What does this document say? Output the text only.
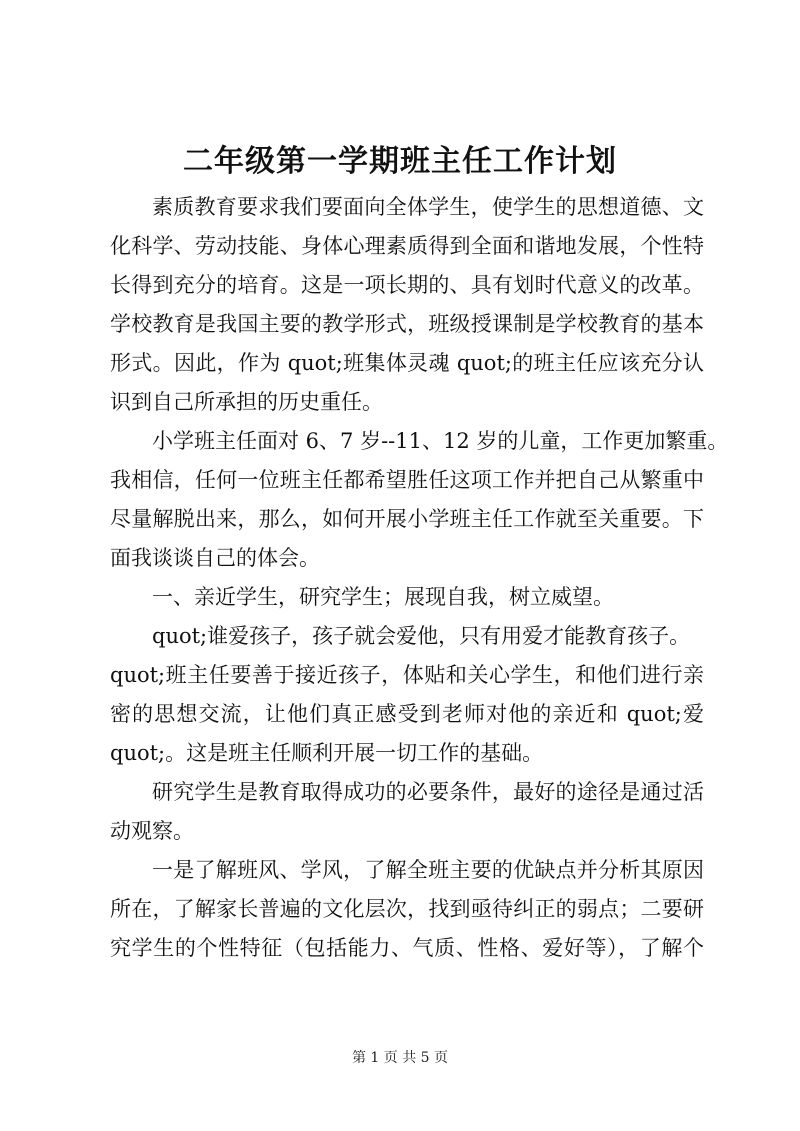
二年级第一学期班主任工作计划
素质教育要求我们要面向全体学生，使学生的思想道德、文
化科学、劳动技能、身体心理素质得到全面和谐地发展，个性特
长得到充分的培育。这是一项长期的、具有划时代意义的改革。
学校教育是我国主要的教学形式，班级授课制是学校教育的基本
形式。因此，作为 quot;班集体灵魂 quot;的班主任应该充分认
识到自己所承担的历史重任。
小学班主任面对 6、7 岁--11、12 岁的儿童，工作更加繁重。
我相信，任何一位班主任都希望胜任这项工作并把自己从繁重中
尽量解脱出来，那么，如何开展小学班主任工作就至关重要。下
面我谈谈自己的体会。
一、亲近学生，研究学生；展现自我，树立威望。
quot;谁爱孩子，孩子就会爱他，只有用爱才能教育孩子。
quot;班主任要善于接近孩子，体贴和关心学生，和他们进行亲
密的思想交流，让他们真正感受到老师对他的亲近和 quot;爱
quot;。这是班主任顺利开展一切工作的基础。
研究学生是教育取得成功的必要条件，最好的途径是通过活
动观察。
一是了解班风、学风，了解全班主要的优缺点并分析其原因
所在，了解家长普遍的文化层次，找到亟待纠正的弱点；二要研
究学生的个性特征（包括能力、气质、性格、爱好等），了解个
第 1 页 共 5 页
